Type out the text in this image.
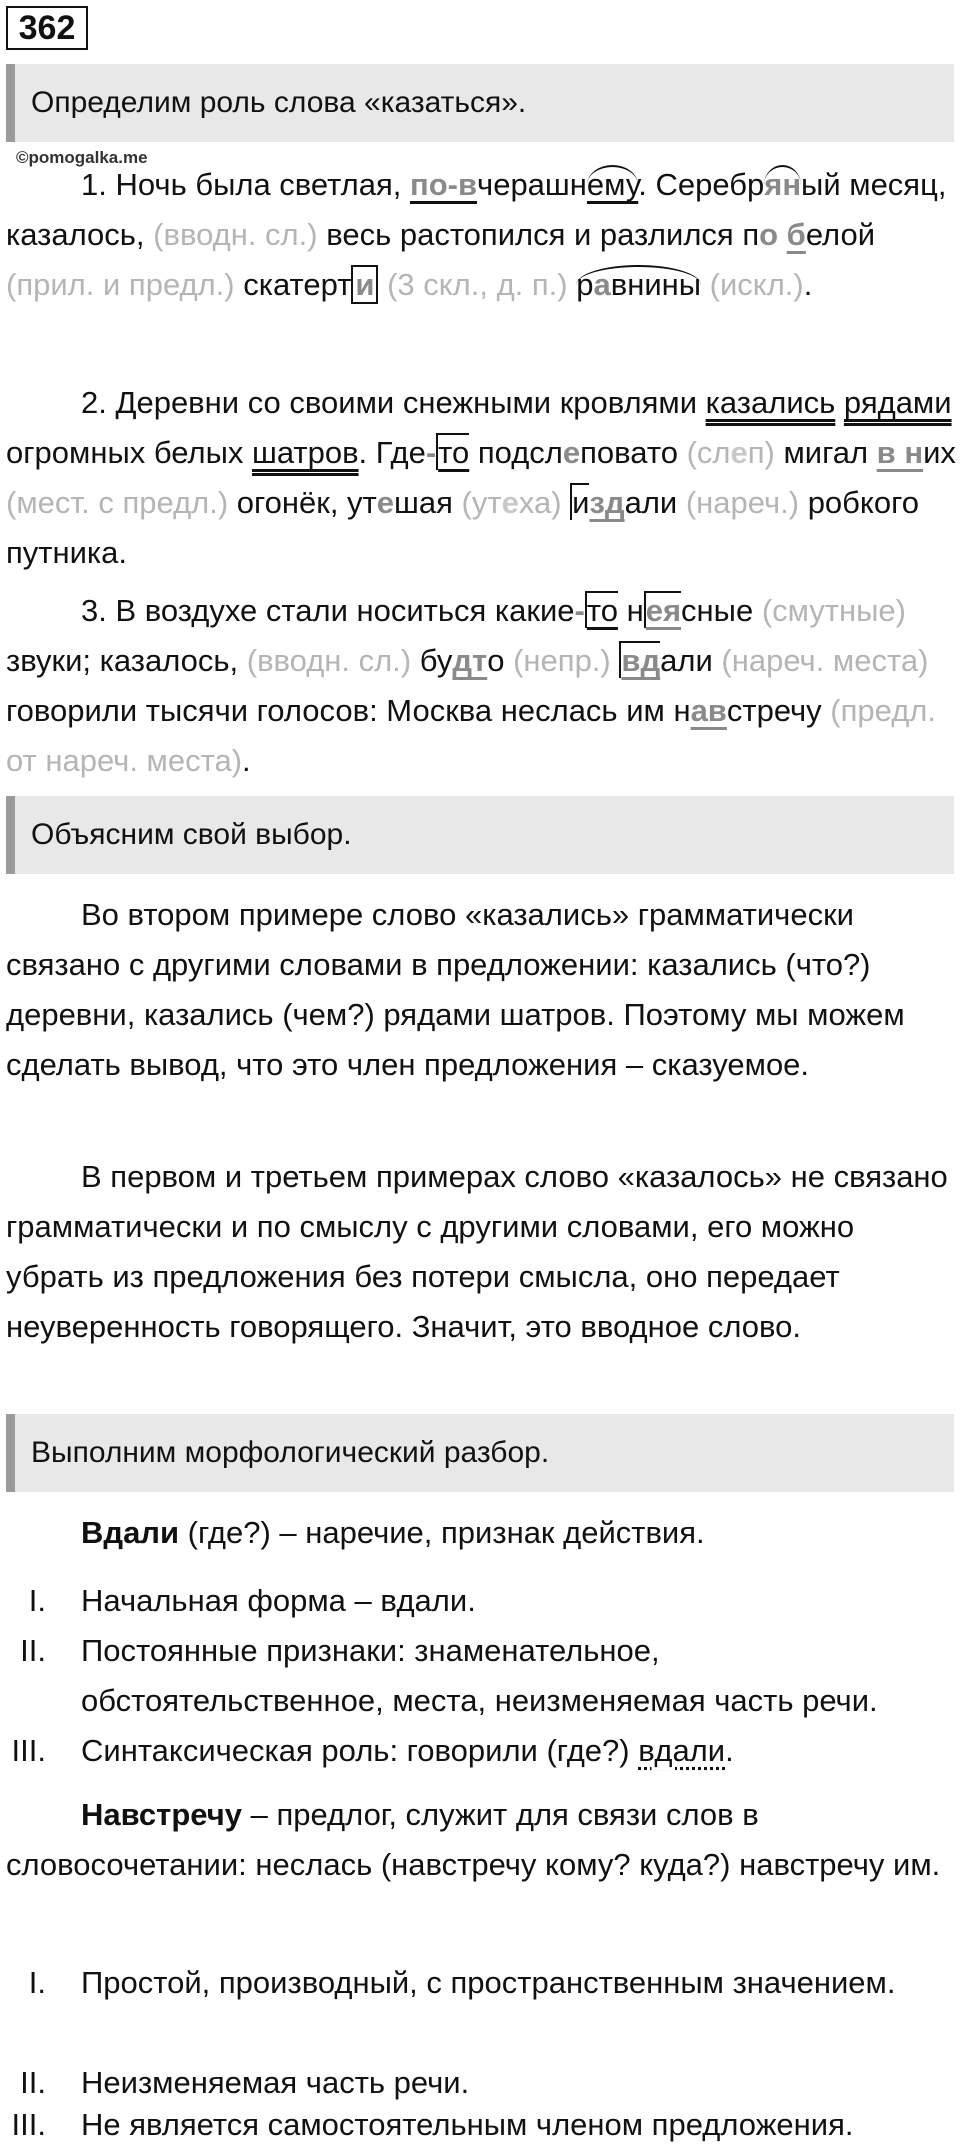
362
Определим роль слова «казаться».
©pomogalka.me
1. Ночь была светлая, по-вчерашнему. Серебряный месяц, казалось, (вводн. сл.) весь растопился и разлился по белой (прил. и предл.) скатерт и (3 скл., д. п.) равнины (искл.).
2. Деревни со своими снежными кровлями казались рядами огромных белых шатров. Где-то подслеповато (слеп) мигал в них (мест. с предл.) огонёк, утешая (утеха) издали (нареч.) робкого путника.
3. В воздухе стали носиться какие-то неясные (смутные) звуки; казалось, (вводн. сл.) будто (непр.) вдали (нареч. места) говорили тысячи голосов: Москва неслась им навстречу (предл. от нареч. места).
Объясним свой выбор.
Во втором примере слово «казались» грамматически связано с другими словами в предложении: казались (что?) деревни, казались (чем?) рядами шатров. Поэтому мы можем сделать вывод, что это член предложения – сказуемое.
В первом и третьем примерах слово «казалось» не связано грамматически и по смыслу с другими словами, его можно убрать из предложения без потери смысла, оно передает неуверенность говорящего. Значит, это вводное слово.
Выполним морфологический разбор.
Вдали (где?) – наречие, признак действия.
I. Начальная форма – вдали.
II. Постоянные признаки: знаменательное, обстоятельственное, места, неизменяемая часть речи.
III. Синтаксическая роль: говорили (где?) вдали.
Навстречу – предлог, служит для связи слов в словосочетании: неслась (навстречу кому? куда?) навстречу им.
I. Простой, производный, с пространственным значением.
II. Неизменяемая часть речи.
III. Не является самостоятельным членом предложения.
